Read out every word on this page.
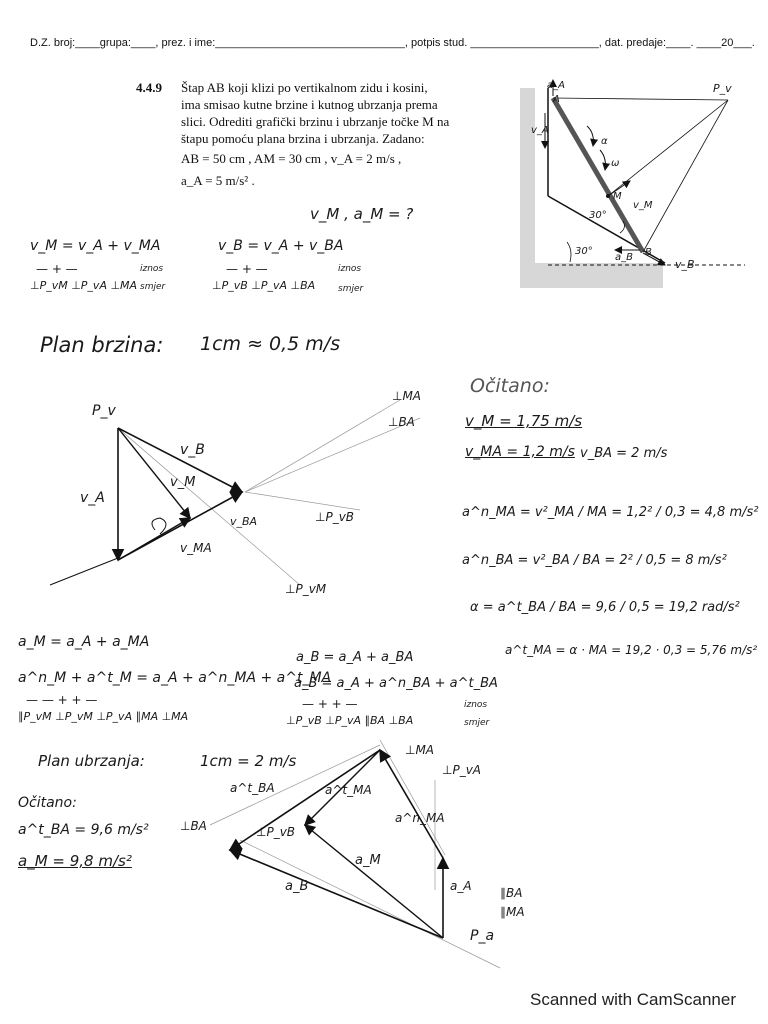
D.Z. broj:____grupa:____, prez. i ime:_______________________________, potpis stud. _____________________, dat. predaje:____. ____20___.
4.4.9 Štap AB koji klizi po vertikalnom zidu i kosini,
ima smisao kutne brzine i kutnog ubrzanja prema
slici. Odrediti grafički brzinu i ubrzanje točke M na
štapu pomoću plana brzina i ubrzanja. Zadano:
AB = 50 cm , AM = 30 cm , v_A = 2 m/s ,
a_A = 5 m/s² .
a_A
A
v_A
α
ω
M
v_M
30°
30°	B
a_B
v_B
P_v
v_M , a_M = ?
v_M = v_A + v_MA
— + —
⊥P_vM ⊥P_vA ⊥MA
iznos
smjer
v_B = v_A + v_BA
— + —
⊥P_vB ⊥P_vA ⊥BA
iznos
smjer
Plan brzina: 1cm ≈ 0,5 m/s
P_v
v_A
v_B
v_M
v_BA
v_MA
⊥MA
⊥BA
⊥P_vB
⊥P_vM
Očitano:
v_M = 1,75 m/s
v_MA = 1,2 m/s v_BA = 2 m/s
a^n_MA = v²_MA / MA = 1,2² / 0,3 = 4,8 m/s²
a^n_BA = v²_BA / BA = 2² / 0,5 = 8 m/s²
α = a^t_BA / BA = 9,6 / 0,5 = 19,2 rad/s²
a^t_MA = α · MA = 19,2 · 0,3 = 5,76 m/s²
a_M = a_A + a_MA
a^n_M + a^t_M = a_A + a^n_MA + a^t_MA
— — + + —
∥P_vM ⊥P_vM ⊥P_vA ∥MA ⊥MA
a_B = a_A + a_BA
a_B = a_A + a^n_BA + a^t_BA
— + + —
⊥P_vB ⊥P_vA ∥BA ⊥BA
iznos
smjer
Plan ubrzanja:	1cm = 2 m/s
Očitano:
a^t_BA = 9,6 m/s²
a_M = 9,8 m/s²
a^t_BA	a^t_MA
a^n_MA
a_M
a_B	a_A
P_a
⊥MA
⊥P_vA
⊥BA	⊥P_vB
∥BA
∥MA
Scanned with CamScanner
